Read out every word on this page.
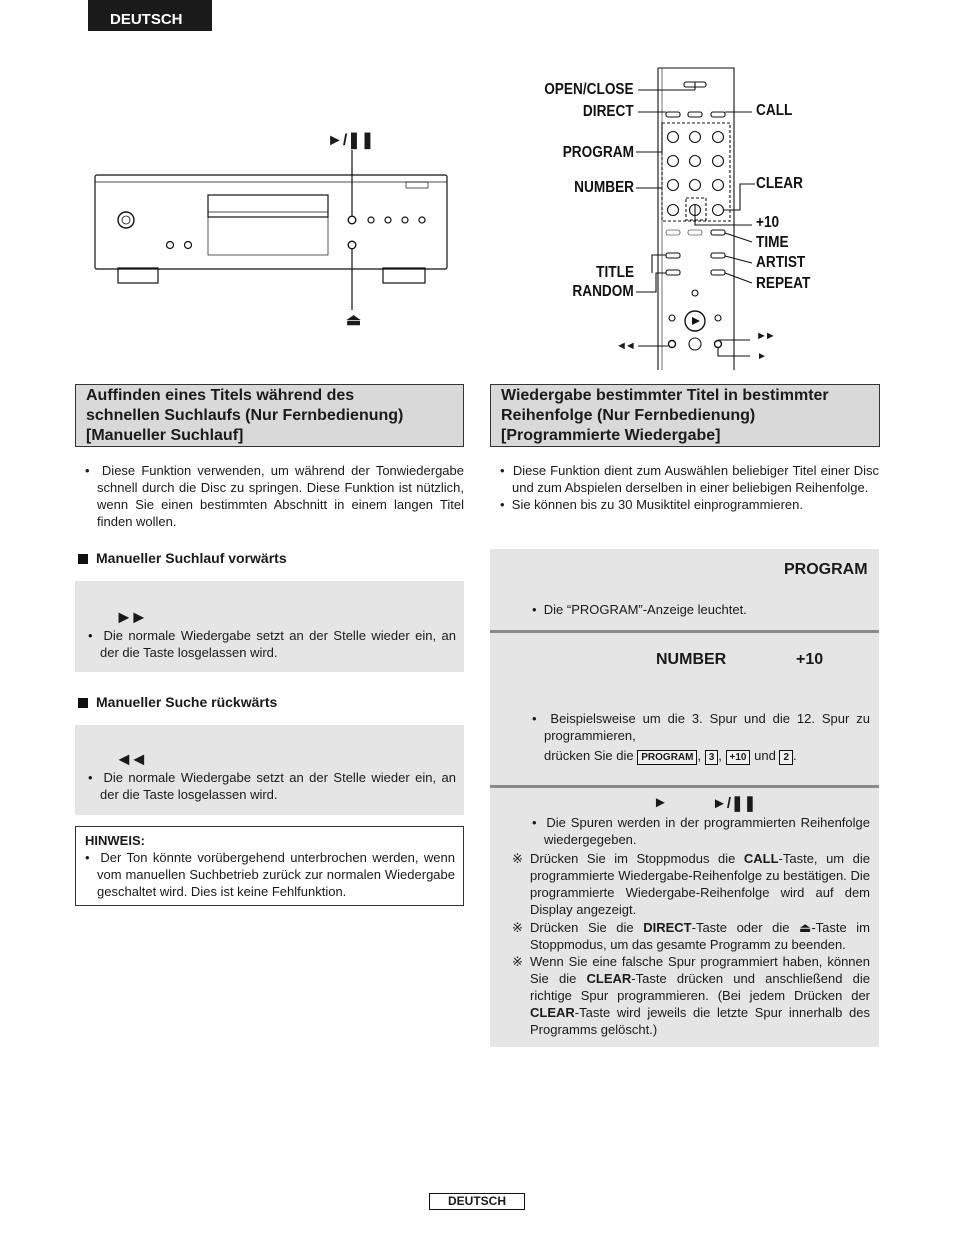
DEUTSCH
►/❚❚
⏏
OPEN/CLOSE
DIRECT
PROGRAM
NUMBER
TITLE
RANDOM
CALL
CLEAR
+10
TIME
ARTIST
REPEAT
◄◄
►►
►
Auffinden eines Titels während des
schnellen Suchlaufs (Nur Fernbedienung)
[Manueller Suchlauf]

•  Diese Funktion verwenden, um während der Tonwiedergabe schnell durch die Disc zu springen. Diese Funktion ist nützlich, wenn Sie einen bestimmten Abschnitt in einem langen Titel finden wollen.

Manueller Suchlauf vorwärts
►►

•  Die normale Wiedergabe setzt an der Stelle wieder ein, an der die Taste losgelassen wird.

Manueller Suche rückwärts
◄◄

•  Die normale Wiedergabe setzt an der Stelle wieder ein, an der die Taste losgelassen wird.

HINWEIS:

•  Der Ton könnte vorübergehend unterbrochen werden, wenn vom manuellen Suchbetrieb zurück zur normalen Wiedergabe geschaltet wird. Dies ist keine Fehlfunktion.

Wiedergabe bestimmter Titel in bestimmter
Reihenfolge (Nur Fernbedienung)
[Programmierte Wiedergabe]

•  Diese Funktion dient zum Auswählen beliebiger Titel einer Disc und zum Abspielen derselben in einer beliebigen Reihenfolge.

•  Sie können bis zu 30 Musiktitel einprogrammieren.

PROGRAM

•  Die “PROGRAM”-Anzeige leuchtet.

NUMBER	+10

•  Beispielsweise um die 3. Spur und die 12. Spur zu programmieren,

drücken Sie die PROGRAM , 3 , +10 und 2 .
►	►/❚❚

•  Die Spuren werden in der programmierten Reihenfolge wiedergegeben.

※ Drücken Sie im Stoppmodus die CALL-Taste, um die programmierte Wiedergabe-Reihenfolge zu bestätigen. Die programmierte Wiedergabe-Reihenfolge wird auf dem Display angezeigt.
※ Drücken Sie die DIRECT-Taste oder die ⏏-Taste im Stoppmodus, um das gesamte Programm zu beenden.
※ Wenn Sie eine falsche Spur programmiert haben, können Sie die CLEAR-Taste drücken und anschließend die richtige Spur programmieren. (Bei jedem Drücken der CLEAR-Taste wird jeweils die letzte Spur innerhalb des Programms gelöscht.)
DEUTSCH
